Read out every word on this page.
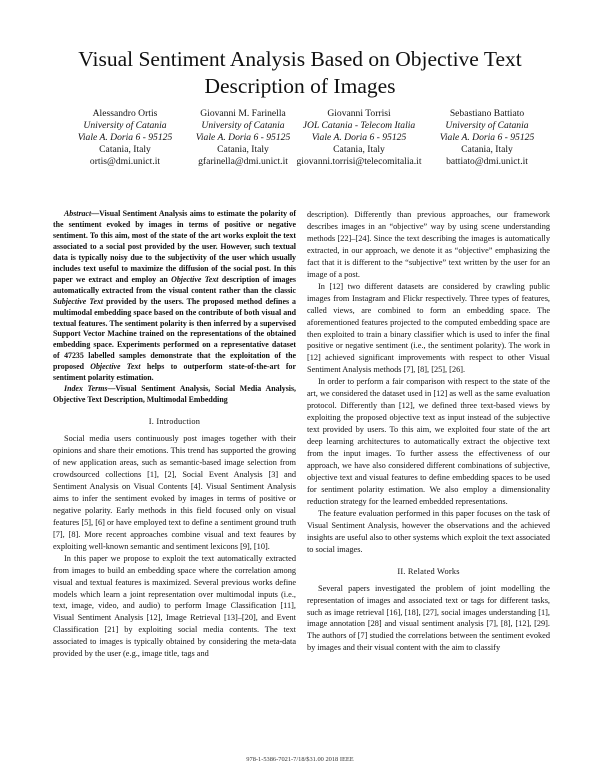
Visual Sentiment Analysis Based on Objective Text
Description of Images
Alessandro Ortis
University of Catania
Viale A. Doria 6 - 95125
Catania, Italy
ortis@dmi.unict.it
Giovanni M. Farinella
University of Catania
Viale A. Doria 6 - 95125
Catania, Italy
gfarinella@dmi.unict.it
Giovanni Torrisi
JOL Catania - Telecom Italia
Viale A. Doria 6 - 95125
Catania, Italy
giovanni.torrisi@telecomitalia.it
Sebastiano Battiato
University of Catania
Viale A. Doria 6 - 95125
Catania, Italy
battiato@dmi.unict.it

Abstract—Visual Sentiment Analysis aims to estimate the polarity of the sentiment evoked by images in terms of positive or negative sentiment. To this aim, most of the state of the art works exploit the text associated to a social post provided by the user. However, such textual data is typically noisy due to the subjectivity of the user which usually includes text useful to maximize the diffusion of the social post. In this paper we extract and employ an Objective Text description of images automatically extracted from the visual content rather than the classic Subjective Text provided by the users. The proposed method defines a multimodal embedding space based on the contribute of both visual and textual features. The sentiment polarity is then inferred by a supervised Support Vector Machine trained on the representations of the obtained embedding space. Experiments performed on a representative dataset of 47235 labelled samples demonstrate that the exploitation of the proposed Objective Text helps to outperform state-of-the-art for sentiment polarity estimation.

Index Terms—Visual Sentiment Analysis, Social Media Analysis, Objective Text Description, Multimodal Embedding

I. Introduction

Social media users continuously post images together with their opinions and share their emotions. This trend has supported the growing of new application areas, such as semantic-based image selection from crowdsourced collections [1], [2], Social Event Analysis [3] and Sentiment Analysis on Visual Contents [4]. Visual Sentiment Analysis aims to infer the sentiment evoked by images in terms of positive or negative polarity. Early methods in this field focused only on visual features [5], [6] or have employed text to define a sentiment ground truth [7], [8]. More recent approaches combine visual and text feaures by exploiting well-known semantic and sentiment lexicons [9], [10].

In this paper we propose to exploit the text automatically extracted from images to build an embedding space where the correlation among visual and textual features is maximized. Several previous works define models which learn a joint representation over multimodal inputs (i.e., text, image, video, and audio) to perform Image Classification [11], Visual Sentiment Analysis [12], Image Retrieval [13]–[20], and Event Classification [21] by exploiting social media contents. The text associated to images is typically obtained by considering the meta-data provided by the user (e.g., image title, tags and

description). Differently than previous approaches, our framework describes images in an “objective” way by using scene understanding methods [22]–[24]. Since the text describing the images is automatically extracted, in our approach, we denote it as “objective” emphasizing the fact that it is different to the “subjective” text written by the user for an image of a post.

In [12] two different datasets are considered by crawling public images from Instagram and Flickr respectively. Three types of features, called views, are combined to form an embedding space. The aforementioned features projected to the computed embedding space are then exploited to train a binary classifier which is used to infer the final positive or negative sentiment (i.e., the sentiment polarity). The work in [12] achieved significant improvements with respect to other Visual Sentiment Analysis methods [7], [8], [25], [26].

In order to perform a fair comparison with respect to the state of the art, we considered the dataset used in [12] as well as the same evaluation protocol. Differently than [12], we defined three text-based views by exploiting the proposed objective text as input instead of the subjective text provided by users. To this aim, we exploited four state of the art deep learning architectures to automatically extract the objective text from the input images. To further assess the effectiveness of our approach, we have also considered different combinations of subjective, objective text and visual features to define embedding spaces to be used for sentiment polarity estimation. We also employ a dimensionality reduction strategy for the learned embedded representations.

The feature evaluation performed in this paper focuses on the task of Visual Sentiment Analysis, however the observations and the achieved insights are useful also to other systems which exploit the text associated to social images.

II. Related Works

Several papers investigated the problem of joint modelling the representation of images and associated text or tags for different tasks, such as image retrieval [16], [18], [27], social images understanding [1], image annotation [28] and visual sentiment analysis [7], [8], [12], [29]. The authors of [7] studied the correlations between the sentiment evoked by images and their visual content with the aim to classify

978-1-5386-7021-7/18/$31.00 2018 IEEE
